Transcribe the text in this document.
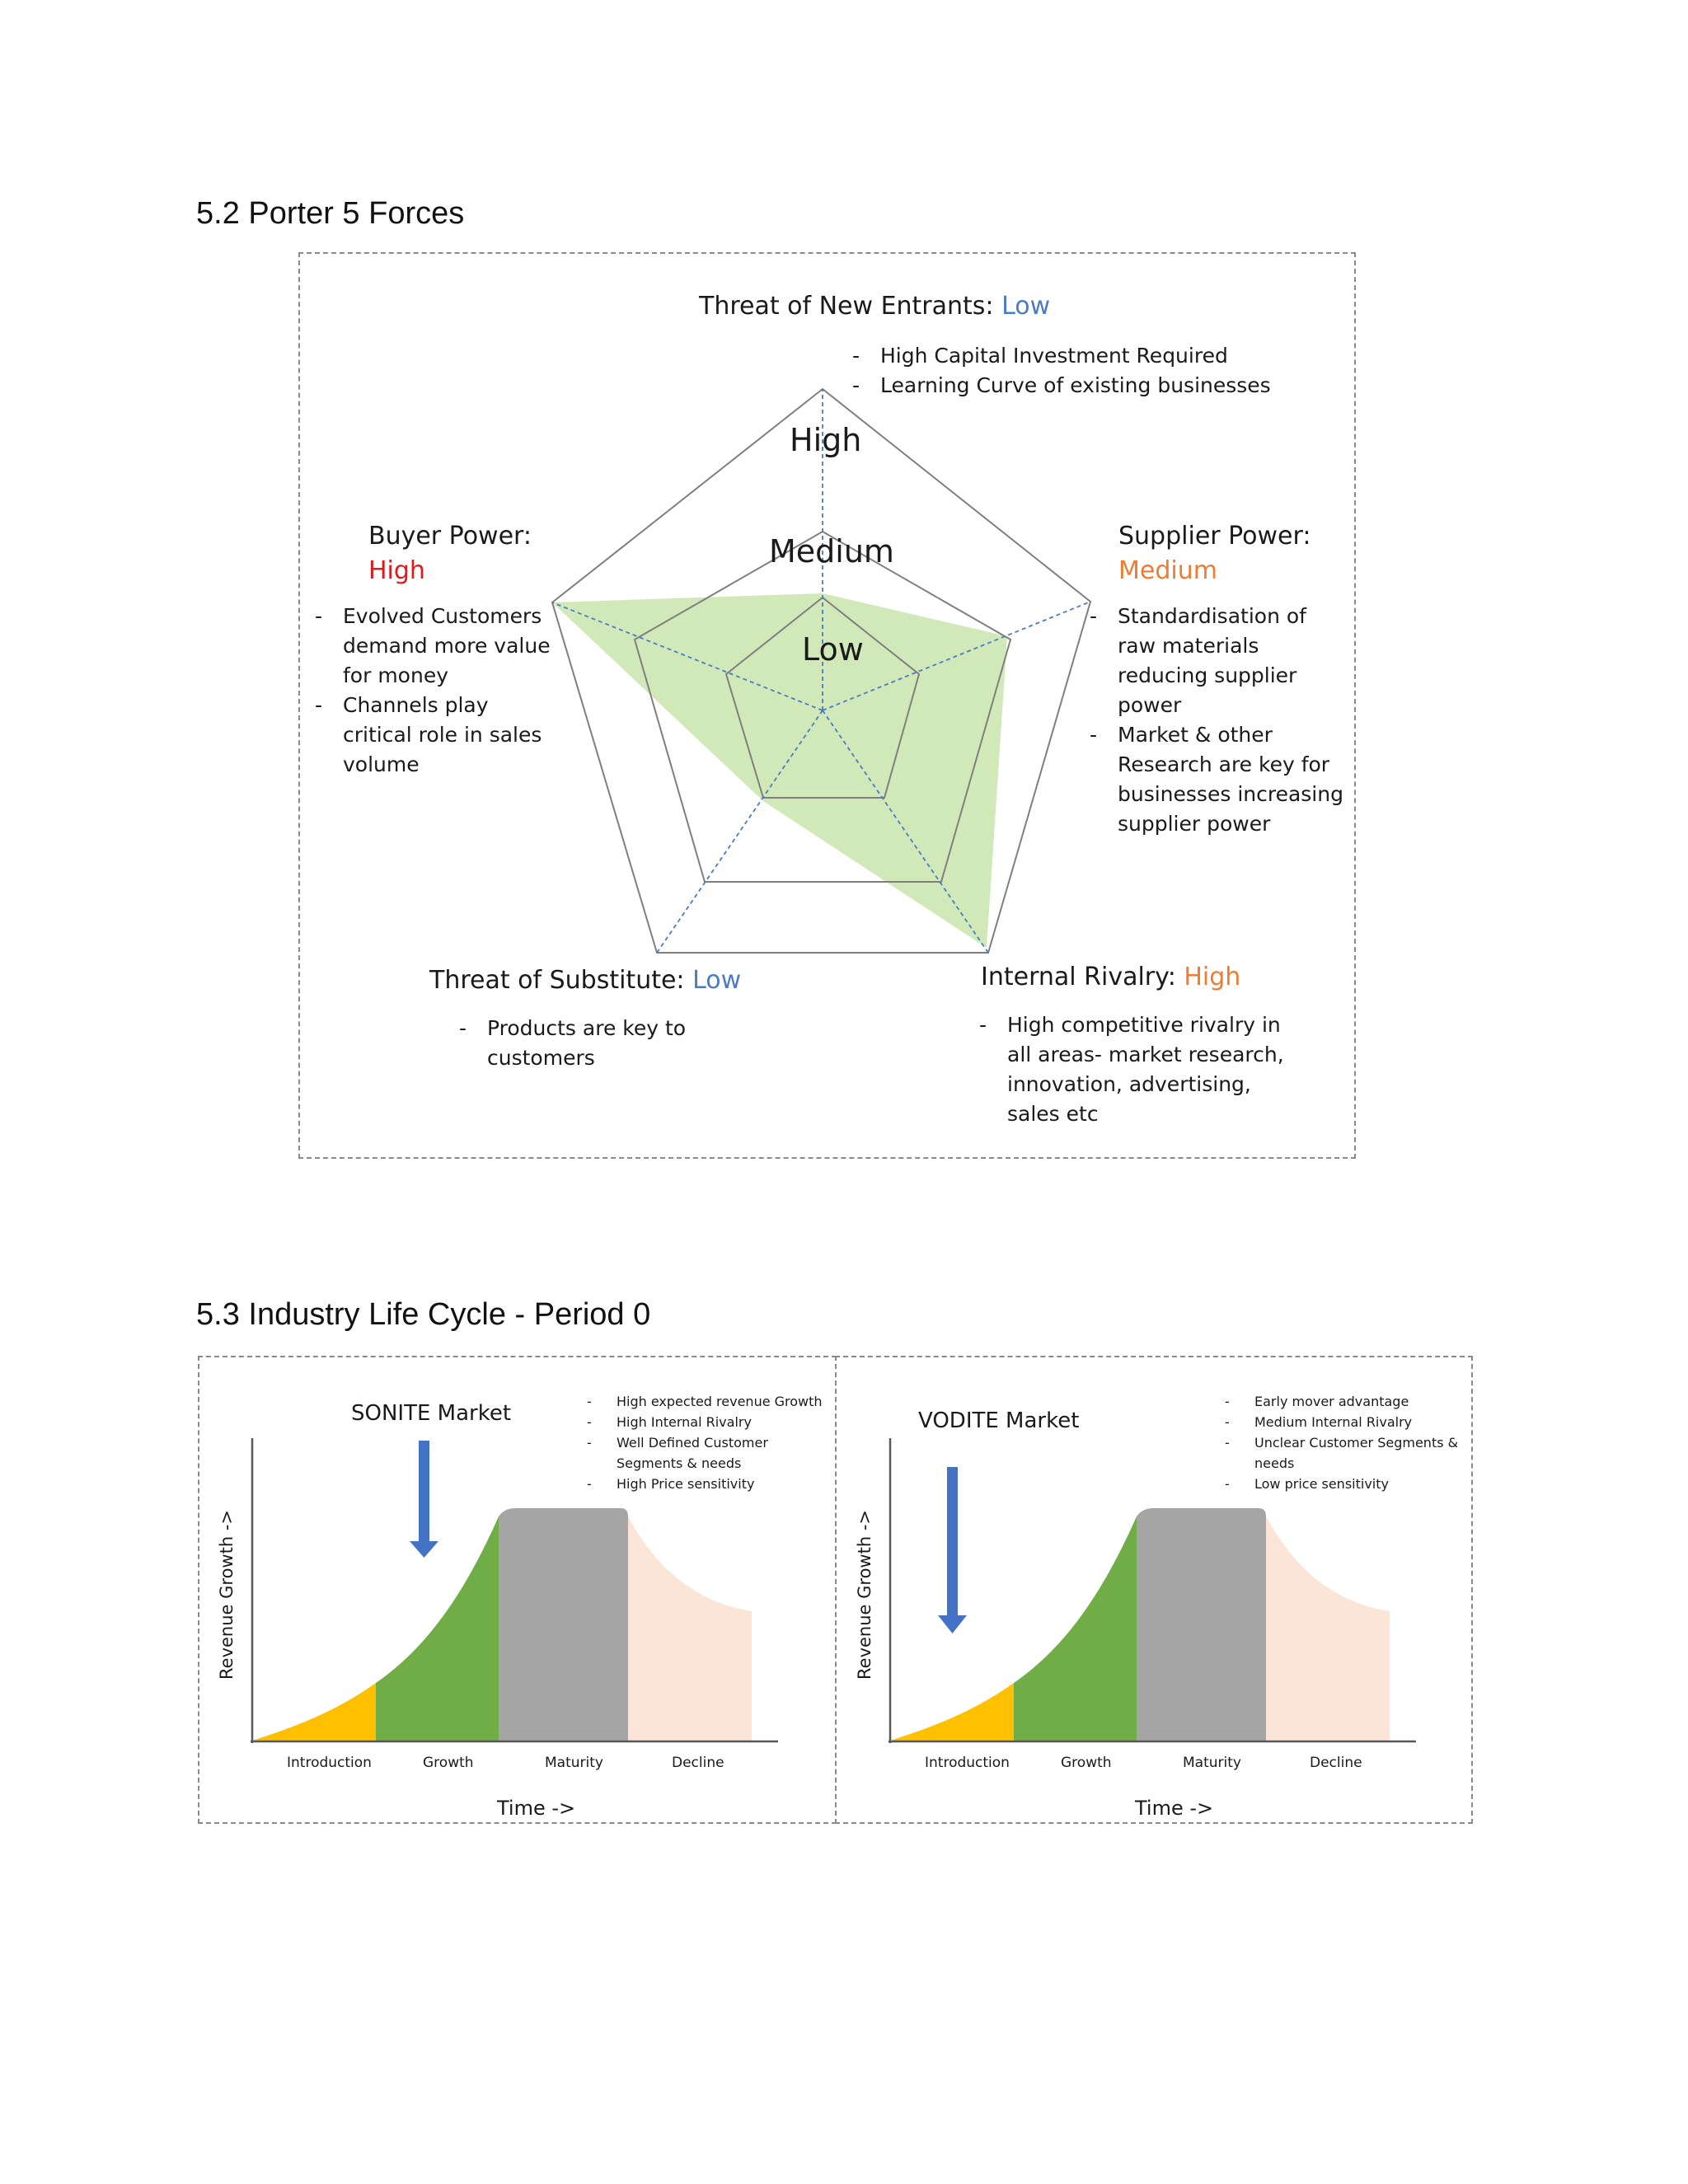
5.2 Porter 5 Forces
High
Medium
Low
Threat of New Entrants: Low
- High Capital Investment Required
- Learning Curve of existing businesses
Buyer Power:
High
- Evolved Customers demand more value for money
- Channels play critical role in sales volume
Supplier Power:
Medium
- Standardisation of raw materials reducing supplier power
- Market & other Research are key for businesses increasing supplier power
Threat of Substitute: Low
- Products are key to customers
Internal Rivalry: High
- High competitive rivalry in all areas- market research, innovation, advertising, sales etc
5.3 Industry Life Cycle - Period 0
Revenue Growth ->	Revenue Growth ->
SONITE Market
-	High expected revenue Growth
- High Internal Rivalry
- Well Defined Customer Segments & needs
- High Price sensitivity
Introduction	Growth	Maturity	Decline
Time ->
VODITE Market
- Early mover advantage
- Medium Internal Rivalry
- Unclear Customer Segments & needs
- Low price sensitivity
Introduction	Growth	Maturity	Decline
Time ->
